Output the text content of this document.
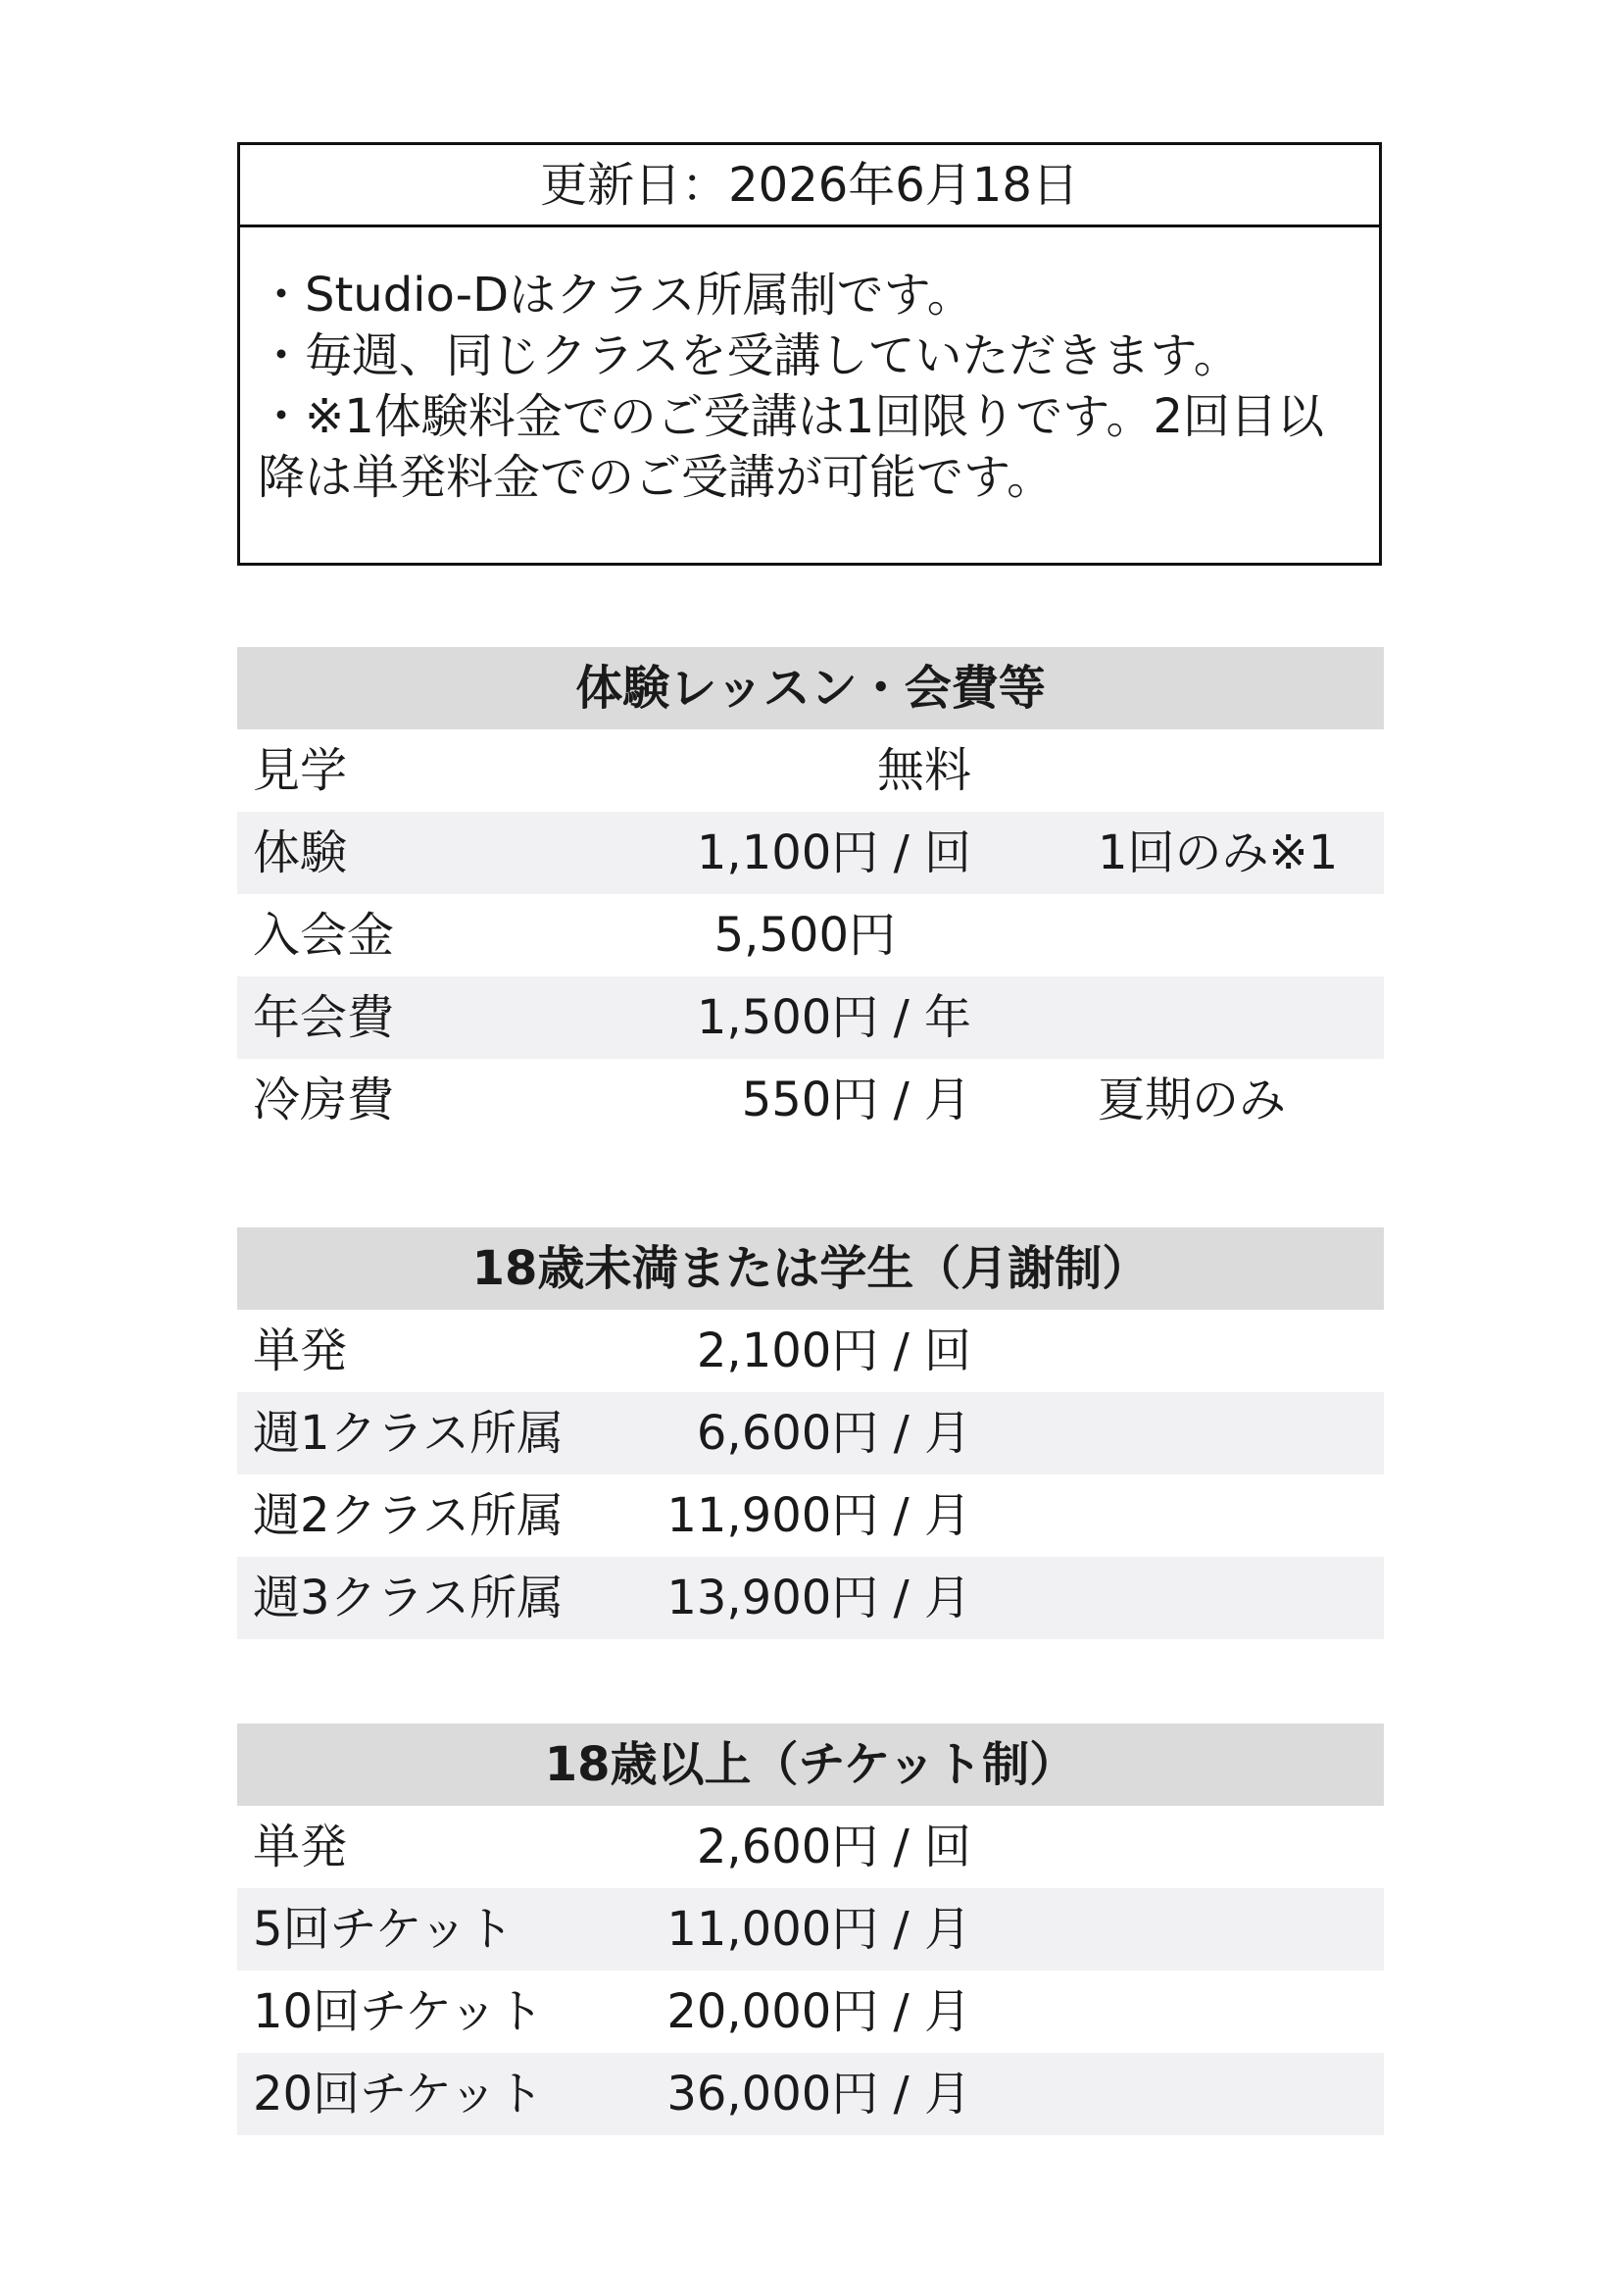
更新日：2026年6月18日
・Studio-Dはクラス所属制です。
・毎週、同じクラスを受講していただきます。
・※1体験料金でのご受講は1回限りです。2回目以降は単発料金でのご受講が可能です。
体験レッスン・会費等
見学	無料
体験	1,100円 / 回	1回のみ※1
入会金	5,500円
年会費	1,500円 / 年
冷房費	550円 / 月	夏期のみ
18歳未満または学生（月謝制）
単発	2,100円 / 回
週1クラス所属	6,600円 / 月
週2クラス所属 11,900円 / 月
週3クラス所属 13,900円 / 月
18歳以上（チケット制）
単発	2,600円 / 回
5回チケット	11,000円 / 月
10回チケット	20,000円 / 月
20回チケット	36,000円 / 月
